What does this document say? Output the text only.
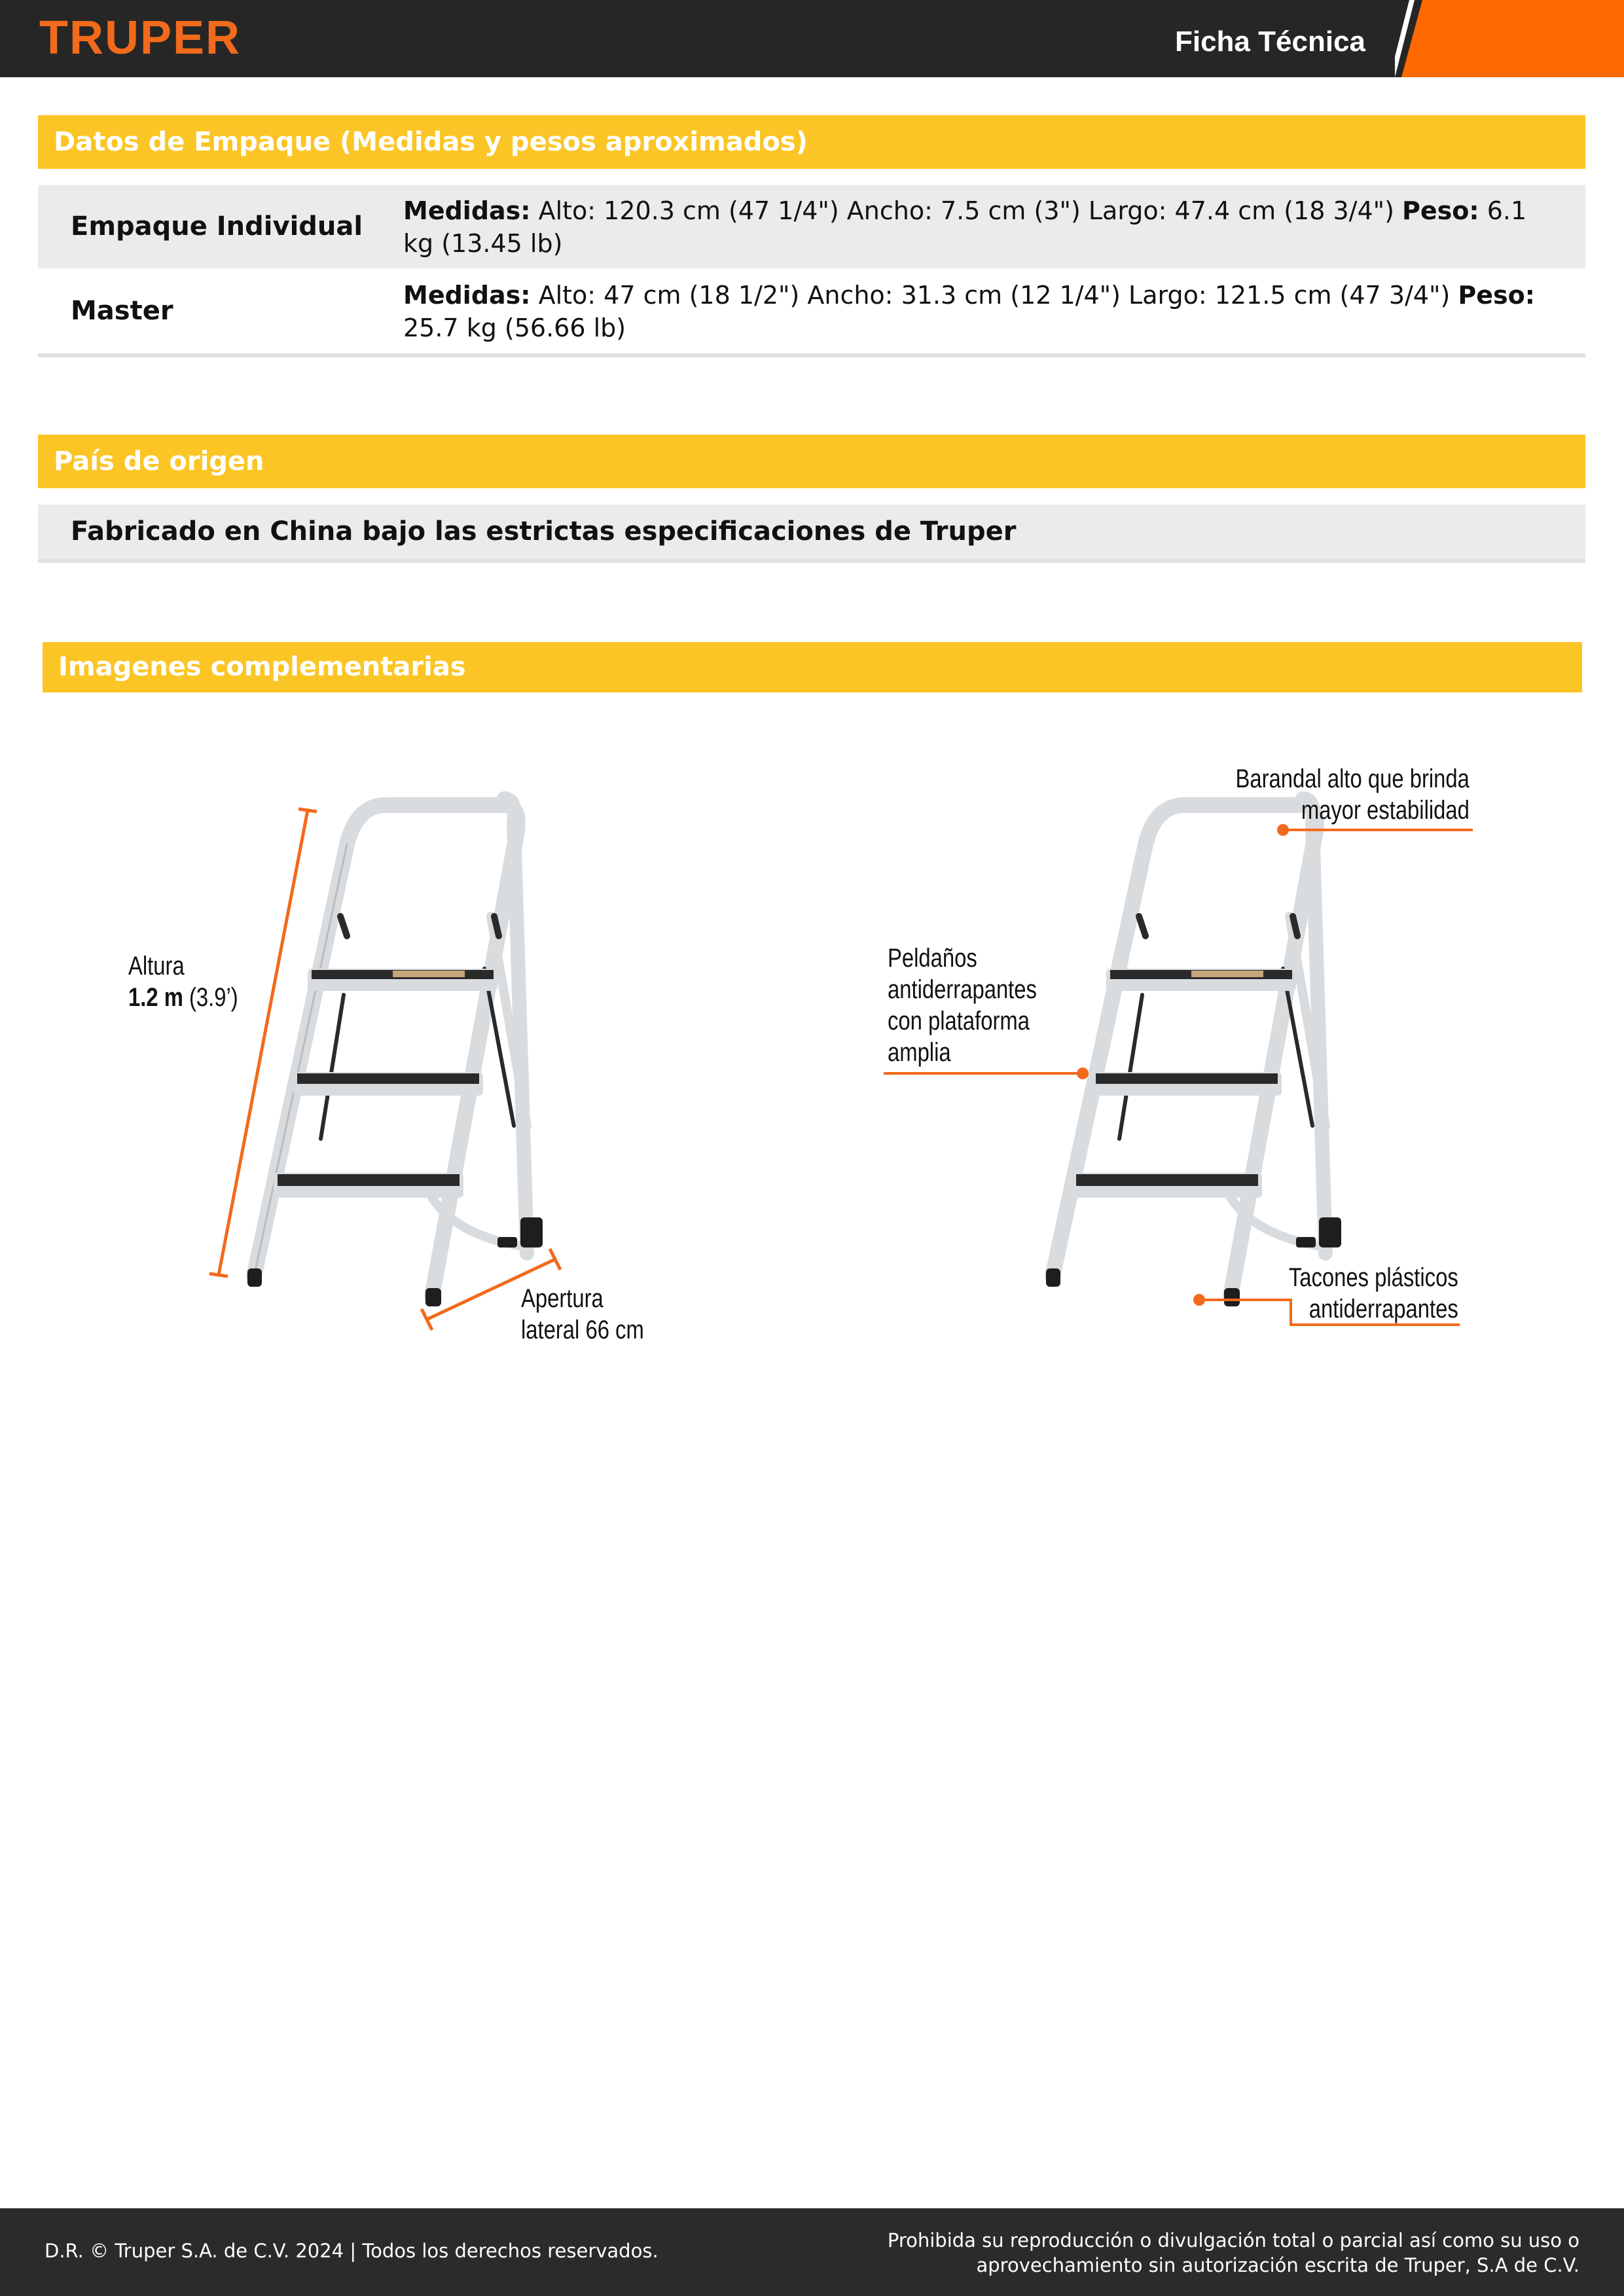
TRUPER	Ficha Técnica
Datos de Empaque (Medidas y pesos aproximados)
Empaque Individual
Medidas: Alto: 120.3 cm (47 1/4") Ancho: 7.5 cm (3") Largo: 47.4 cm (18 3/4") Peso: 6.1 kg (13.45 lb)
Master
Medidas: Alto: 47 cm (18 1/2") Ancho: 31.3 cm (12 1/4") Largo: 121.5 cm (47 3/4") Peso: 25.7 kg (56.66 lb)
País de origen
Fabricado en China bajo las estrictas especificaciones de Truper
Imagenes complementarias
Altura
1.2 m (3.9’)
Apertura
lateral 66 cm
Barandal alto que brinda
mayor estabilidad
Peldaños
antiderrapantes
con plataforma
amplia
Tacones plásticos
antiderrapantes
D.R. © Truper S.A. de C.V. 2024 | Todos los derechos reservados.	Prohibida su reproducción o divulgación total o parcial así como su uso o
aprovechamiento sin autorización escrita de Truper, S.A de C.V.
